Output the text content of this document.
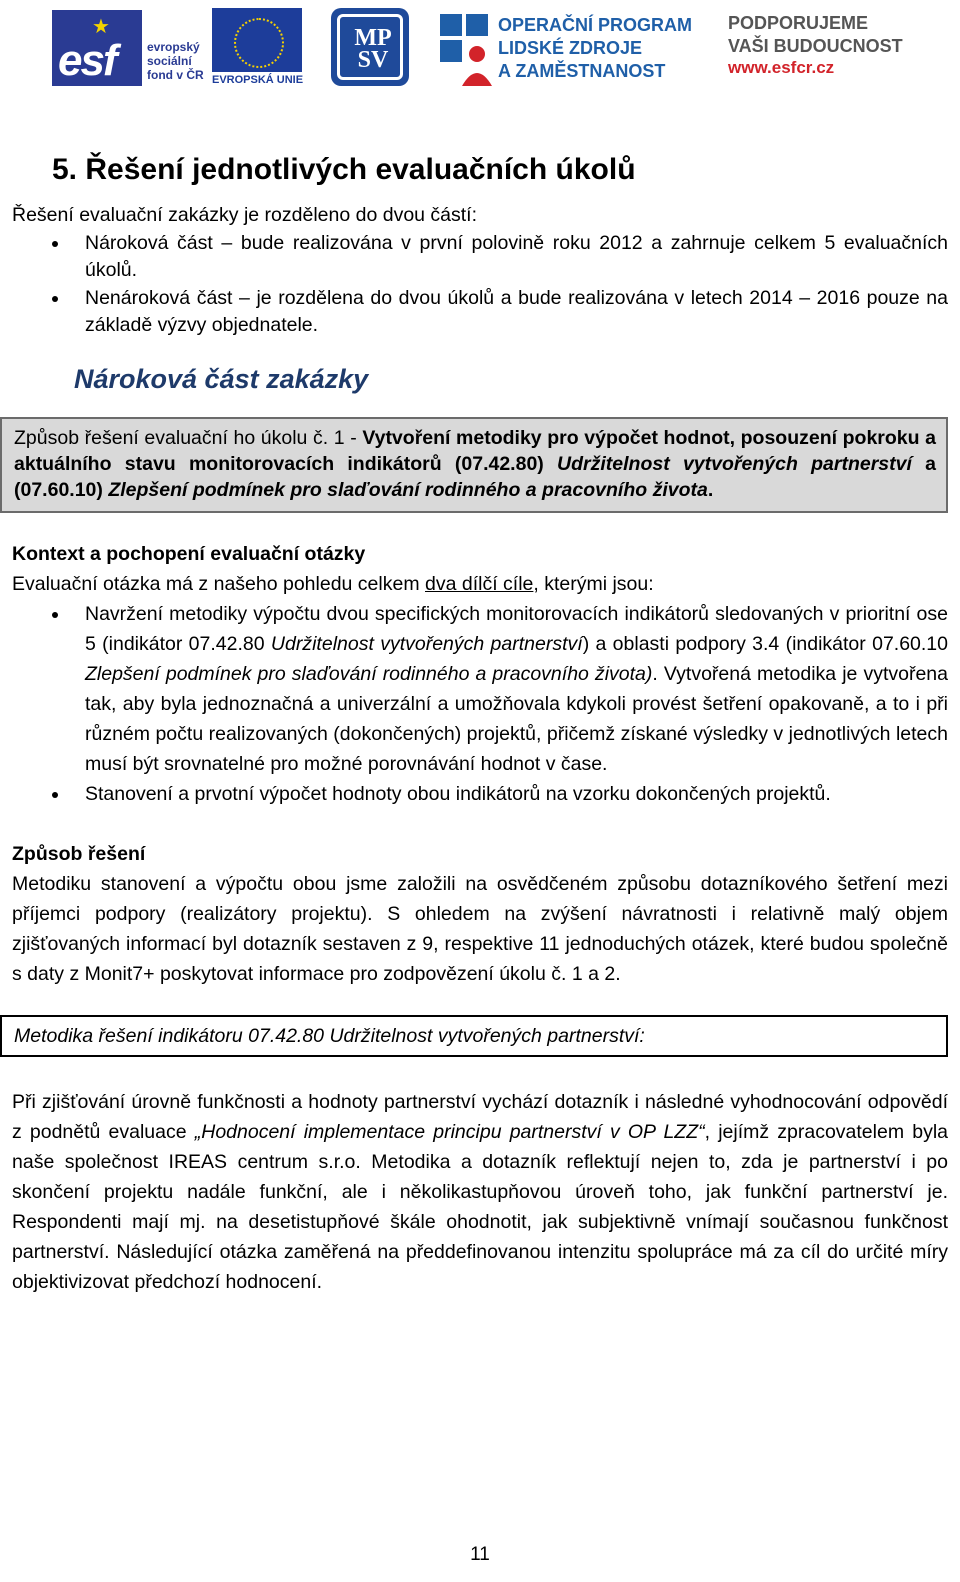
★
esf	evropský
sociální
fond v ČR EVROPSKÁ UNIE
MP
SV
OPERAČNÍ PROGRAM
LIDSKÉ ZDROJE
A ZAMĚSTNANOST
PODPORUJEME
VAŠI BUDOUCNOST
www.esfcr.cz
5. Řešení jednotlivých evaluačních úkolů

Řešení evaluační zakázky je rozděleno do dvou částí:

Nároková část – bude realizována v první polovině roku 2012 a zahrnuje celkem 5 evaluačních úkolů.
Nenároková část – je rozdělena do dvou úkolů a bude realizována v letech 2014 – 2016 pouze na základě výzvy objednatele.
Nároková část zakázky
Způsob řešení evaluační ho úkolu č. 1 - Vytvoření metodiky pro výpočet hodnot, posouzení pokroku a aktuálního stavu monitorovacích indikátorů (07.42.80) Udržitelnost vytvořených partnerství a (07.60.10) Zlepšení podmínek pro slaďování rodinného a pracovního života.
Kontext a pochopení evaluační otázky

Evaluační otázka má z našeho pohledu celkem dva dílčí cíle, kterými jsou:

Navržení metodiky výpočtu dvou specifických monitorovacích indikátorů sledovaných v prioritní ose 5 (indikátor 07.42.80 Udržitelnost vytvořených partnerství) a oblasti podpory 3.4 (indikátor 07.60.10 Zlepšení podmínek pro slaďování rodinného a pracovního života). Vytvořená metodika je vytvořena tak, aby byla jednoznačná a univerzální a umožňovala kdykoli provést šetření opakovaně, a to i při různém počtu realizovaných (dokončených) projektů, přičemž získané výsledky v jednotlivých letech musí být srovnatelné pro možné porovnávání hodnot v čase.
Stanovení a prvotní výpočet hodnoty obou indikátorů na vzorku dokončených projektů.
Způsob řešení

Metodiku stanovení a výpočtu obou jsme založili na osvědčeném způsobu dotazníkového šetření mezi příjemci podpory (realizátory projektu). S ohledem na zvýšení návratnosti i relativně malý objem zjišťovaných informací byl dotazník sestaven z 9, respektive 11 jednoduchých otázek, které budou společně s daty z Monit7+ poskytovat informace pro zodpovězení úkolu č. 1 a 2.

Metodika řešení indikátoru 07.42.80 Udržitelnost vytvořených partnerství:

Při zjišťování úrovně funkčnosti a hodnoty partnerství vychází dotazník i následné vyhodnocování odpovědí z podnětů evaluace „Hodnocení implementace principu partnerství v OP LZZ“, jejímž zpracovatelem byla naše společnost IREAS centrum s.r.o. Metodika a dotazník reflektují nejen to, zda je partnerství i po skončení projektu nadále funkční, ale i několikastupňovou úroveň toho, jak funkční partnerství je. Respondenti mají mj. na desetistupňové škále ohodnotit, jak subjektivně vnímají současnou funkčnost partnerství. Následující otázka zaměřená na předdefinovanou intenzitu spolupráce má za cíl do určité míry objektivizovat předchozí hodnocení.

11
